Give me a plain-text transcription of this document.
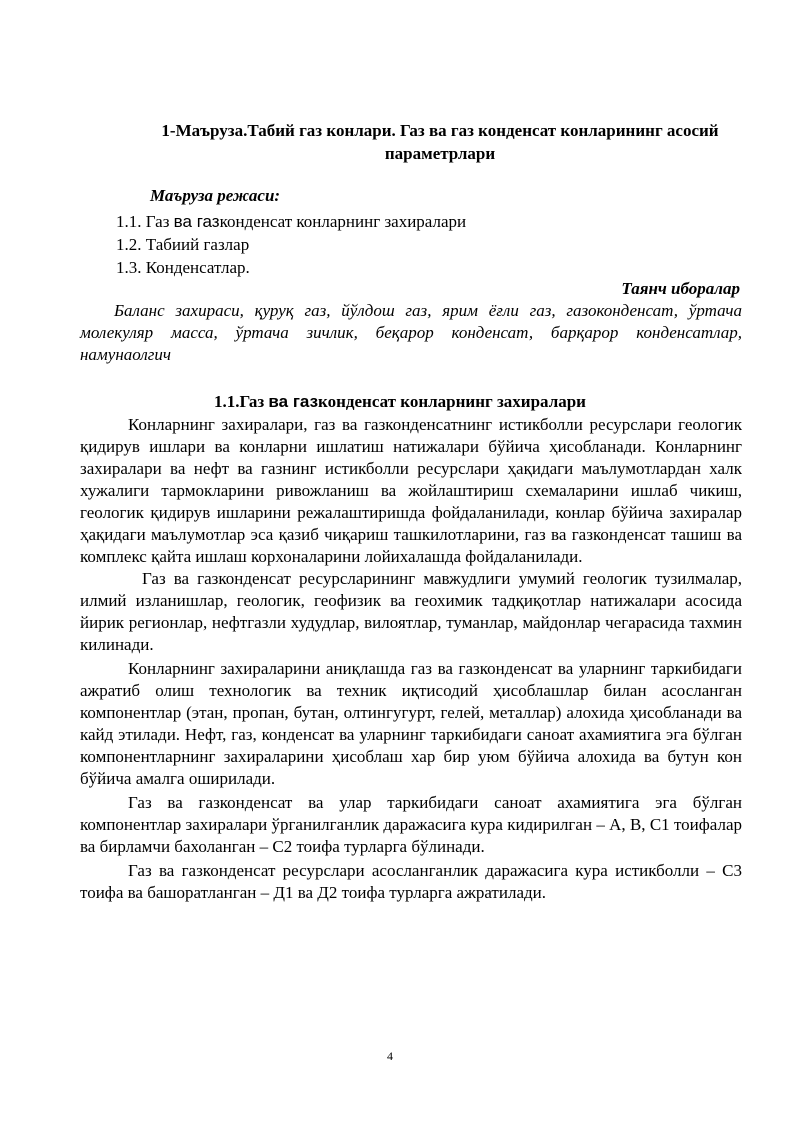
1-Маъруза.Табий газ конлари. Газ ва газ конденсат конларининг асосий параметрлари
Маъруза режаси:
1.1. Газ ва газконденсат конларнинг захиралари
1.2. Табиий газлар
1.3. Конденсатлар.
Таянч иборалар
Баланс захираси, қуруқ газ, йўлдош газ, ярим ёғли газ, газоконденсат, ўртача молекуляр масса, ўртача зичлик, беқарор конденсат, барқарор конденсатлар, намунаолгич
1.1.Газ ва газконденсат конларнинг захиралари

Конларнинг захиралари, газ ва газконденсатнинг истикболли ресурслари геологик қидирув ишлари ва конларни ишлатиш натижалари бўйича ҳисобланади. Конларнинг захиралари ва нефт ва газнинг истикболли ресурслари ҳақидаги маълумотлардан халк хужалиги тармокларини ривожланиш ва жойлаштириш схемаларини ишлаб чикиш, геологик қидирув ишларини режалаштиришда фойдаланилади, конлар бўйича захиралар ҳақидаги маълумотлар эса қазиб чиқариш ташкилотларини, газ ва газконденсат ташиш ва комплекс қайта ишлаш корхоналарини лойихалашда фойдаланилади.

Газ ва газконденсат ресурсларининг мавжудлиги умумий геологик тузилмалар, илмий изланишлар, геологик, геофизик ва геохимик тадқиқотлар натижалари асосида йирик регионлар, нефтгазли худудлар, вилоятлар, туманлар, майдонлар чегарасида тахмин килинади.

Конларнинг захираларини аниқлашда газ ва газконденсат ва уларнинг таркибидаги ажратиб олиш технологик ва техник иқтисодий ҳисоблашлар билан асосланган компонентлар (этан, пропан, бутан, олтингугурт, гелей, металлар) алохида ҳисобланади ва кайд этилади. Нефт, газ, конденсат ва уларнинг таркибидаги саноат ахамиятига эга бўлган компонентларнинг захираларини ҳисоблаш хар бир уюм бўйича алохида ва бутун кон бўйича амалга оширилади.

Газ ва газконденсат ва улар таркибидаги саноат ахамиятига эга бўлган компонентлар захиралари ўрганилганлик даражасига кура кидирилган – А, В, С1 тоифалар ва бирламчи бахоланган – С2 тоифа турларга бўлинади.

Газ ва газконденсат ресурслари асосланганлик даражасига кура истикболли – С3 тоифа ва башоратланган – Д1 ва Д2 тоифа турларга ажратилади.

4
